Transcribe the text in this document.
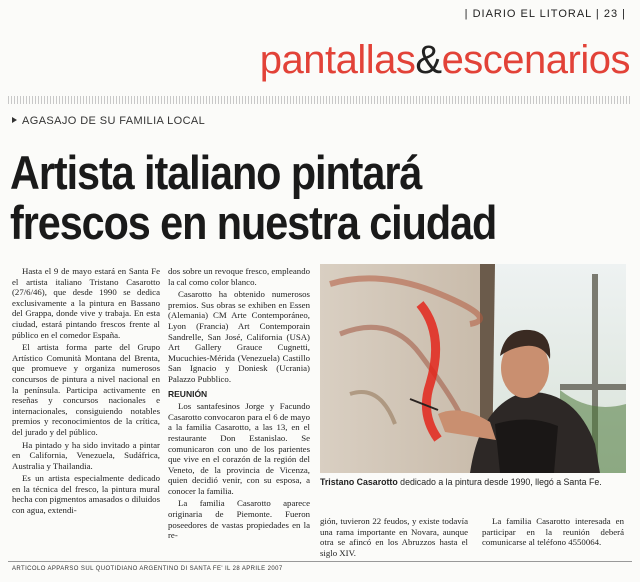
| DIARIO EL LITORAL | 23 |
pantallas&escenarios
AGASAJO DE SU FAMILIA LOCAL
Artista italiano pintará
frescos en nuestra ciudad

Hasta el 9 de mayo estará en Santa Fe el artista italiano Tristano Casarotto (27/6/46), que desde 1990 se dedica exclusivamente a la pintura en Bassano del Grappa, donde vive y trabaja. En esta ciudad, estará pintando frescos frente al público en el comedor España.

El artista forma parte del Grupo Artístico Comunità Montana del Brenta, que promueve y organiza numerosos concursos de pintura a nivel nacional en la península. Participa activamente en reseñas y concursos nacionales e internacionales, consiguiendo notables premios y reconocimientos de la crítica, del jurado y del público.

Ha pintado y ha sido invitado a pintar en California, Venezuela, Sudáfrica, Australia y Thailandia.

Es un artista especialmente dedicado en la técnica del fresco, la pintura mural hecha con pigmentos amasados o diluidos con agua, extendi-

dos sobre un revoque fresco, empleando la cal como color blanco.

Casarotto ha obtenido numerosos premios. Sus obras se exhiben en Essen (Alemania) CM Arte Contemporáneo, Lyon (Francia) Art Contemporain Sandrelle, San José, California (USA) Art Gallery Grauce Cugnetti, Mucuchies-Mérida (Venezuela) Castillo San Ignacio y Doniesk (Ucrania) Palazzo Pubblico.

REUNIÓN

Los santafesinos Jorge y Facundo Casarotto convocaron para el 6 de mayo a la familia Casarotto, a las 13, en el restaurante Don Estanislao. Se comunicaron con uno de los parientes que vive en el corazón de la región del Veneto, de la provincia de Vicenza, quien decidió venir, con su esposa, a conocer la familia.

La familia Casarotto aparece originaria de Piemonte. Fueron poseedores de vastas propiedades en la re-

Tristano Casarotto dedicado a la pintura desde 1990, llegó a Santa Fe.

gión, tuvieron 22 feudos, y existe todavía una rama importante en Novara, aunque otra se afincó en los Abruzzos hasta el siglo XIV.

La familia Casarotto interesada en participar en la reunión deberá comunicarse al teléfono 4550064.

ARTICOLO APPARSO SUL QUOTIDIANO ARGENTINO DI SANTA FE' IL 28 APRILE 2007
